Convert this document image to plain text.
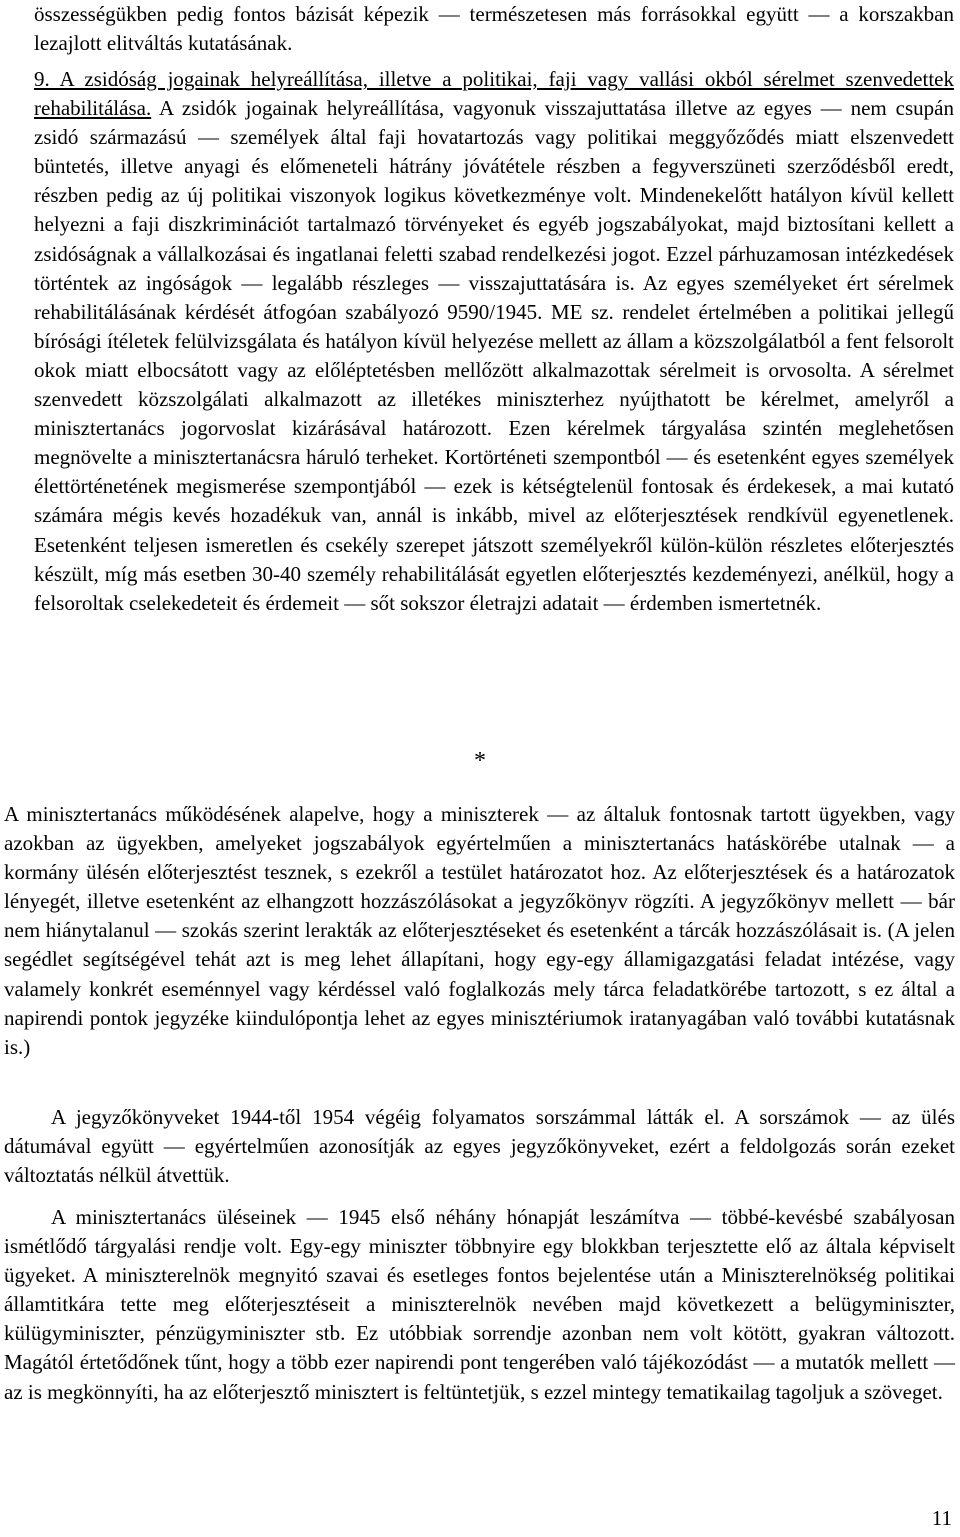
összességükben pedig fontos bázisát képezik — természetesen más forrásokkal együtt — a korszakban lezajlott elitváltás kutatásának.

9. A zsidóság jogainak helyreállítása, illetve a politikai, faji vagy vallási okból sérelmet szenvedettek rehabilitálása. A zsidók jogainak helyreállítása, vagyonuk visszajuttatása illetve az egyes — nem csupán zsidó származású — személyek által faji hovatartozás vagy politikai meggyőződés miatt elszenvedett büntetés, illetve anyagi és előmeneteli hátrány jóvátétele részben a fegyverszüneti szerződésből eredt, részben pedig az új politikai viszonyok logikus következménye volt. Mindenekelőtt hatályon kívül kellett helyezni a faji diszkriminációt tartalmazó törvényeket és egyéb jogszabályokat, majd biztosítani kellett a zsidóságnak a vállalkozásai és ingatlanai feletti szabad rendelkezési jogot. Ezzel párhuzamosan intézkedések történtek az ingóságok — legalább részleges — visszajuttatására is. Az egyes személyeket ért sérelmek rehabilitálásának kérdését átfogóan szabályozó 9590/1945. ME sz. rendelet értelmében a politikai jellegű bírósági ítéletek felülvizsgálata és hatályon kívül helyezése mellett az állam a közszolgálatból a fent felsorolt okok miatt elbocsátott vagy az előléptetésben mellőzött alkalmazottak sérelmeit is orvosolta. A sérelmet szenvedett közszolgálati alkalmazott az illetékes miniszterhez nyújthatott be kérelmet, amelyről a minisztertanács jogorvoslat kizárásával határozott. Ezen kérelmek tárgyalása szintén meglehetősen megnövelte a minisztertanácsra háruló terheket. Kortörténeti szempontból — és esetenként egyes személyek élettörténetének megismerése szempontjából — ezek is kétségtelenül fontosak és érdekesek, a mai kutató számára mégis kevés hozadékuk van, annál is inkább, mivel az előterjesztések rendkívül egyenetlenek. Esetenként teljesen ismeretlen és csekély szerepet játszott személyekről külön-külön részletes előterjesztés készült, míg más esetben 30-40 személy rehabilitálását egyetlen előterjesztés kezdeményezi, anélkül, hogy a felsoroltak cselekedeteit és érdemeit — sőt sokszor életrajzi adatait — érdemben ismertetnék.

*

A minisztertanács működésének alapelve, hogy a miniszterek — az általuk fontosnak tartott ügyekben, vagy azokban az ügyekben, amelyeket jogszabályok egyértelműen a minisztertanács hatáskörébe utalnak — a kormány ülésén előterjesztést tesznek, s ezekről a testület határozatot hoz. Az előterjesztések és a határozatok lényegét, illetve esetenként az elhangzott hozzászólásokat a jegyzőkönyv rögzíti. A jegyzőkönyv mellett — bár nem hiánytalanul — szokás szerint lerakták az előterjesztéseket és esetenként a tárcák hozzászólásait is. (A jelen segédlet segítségével tehát azt is meg lehet állapítani, hogy egy-egy államigazgatási feladat intézése, vagy valamely konkrét eseménnyel vagy kérdéssel való foglalkozás mely tárca feladatkörébe tartozott, s ez által a napirendi pontok jegyzéke kiindulópontja lehet az egyes minisztériumok iratanyagában való további kutatásnak is.)

A jegyzőkönyveket 1944-től 1954 végéig folyamatos sorszámmal látták el. A sorszámok — az ülés dátumával együtt — egyértelműen azonosítják az egyes jegyzőkönyveket, ezért a feldolgozás során ezeket változtatás nélkül átvettük.

A minisztertanács üléseinek — 1945 első néhány hónapját leszámítva — többé-kevésbé szabályosan ismétlődő tárgyalási rendje volt. Egy-egy miniszter többnyire egy blokkban terjesztette elő az általa képviselt ügyeket. A miniszterelnök megnyitó szavai és esetleges fontos bejelentése után a Miniszterelnökség politikai államtitkára tette meg előterjesztéseit a miniszterelnök nevében majd következett a belügyminiszter, külügyminiszter, pénzügyminiszter stb. Ez utóbbiak sorrendje azonban nem volt kötött, gyakran változott. Magától értetődőnek tűnt, hogy a több ezer napirendi pont tengerében való tájékozódást — a mutatók mellett — az is megkönnyíti, ha az előterjesztő minisztert is feltüntetjük, s ezzel mintegy tematikailag tagoljuk a szöveget.

11
